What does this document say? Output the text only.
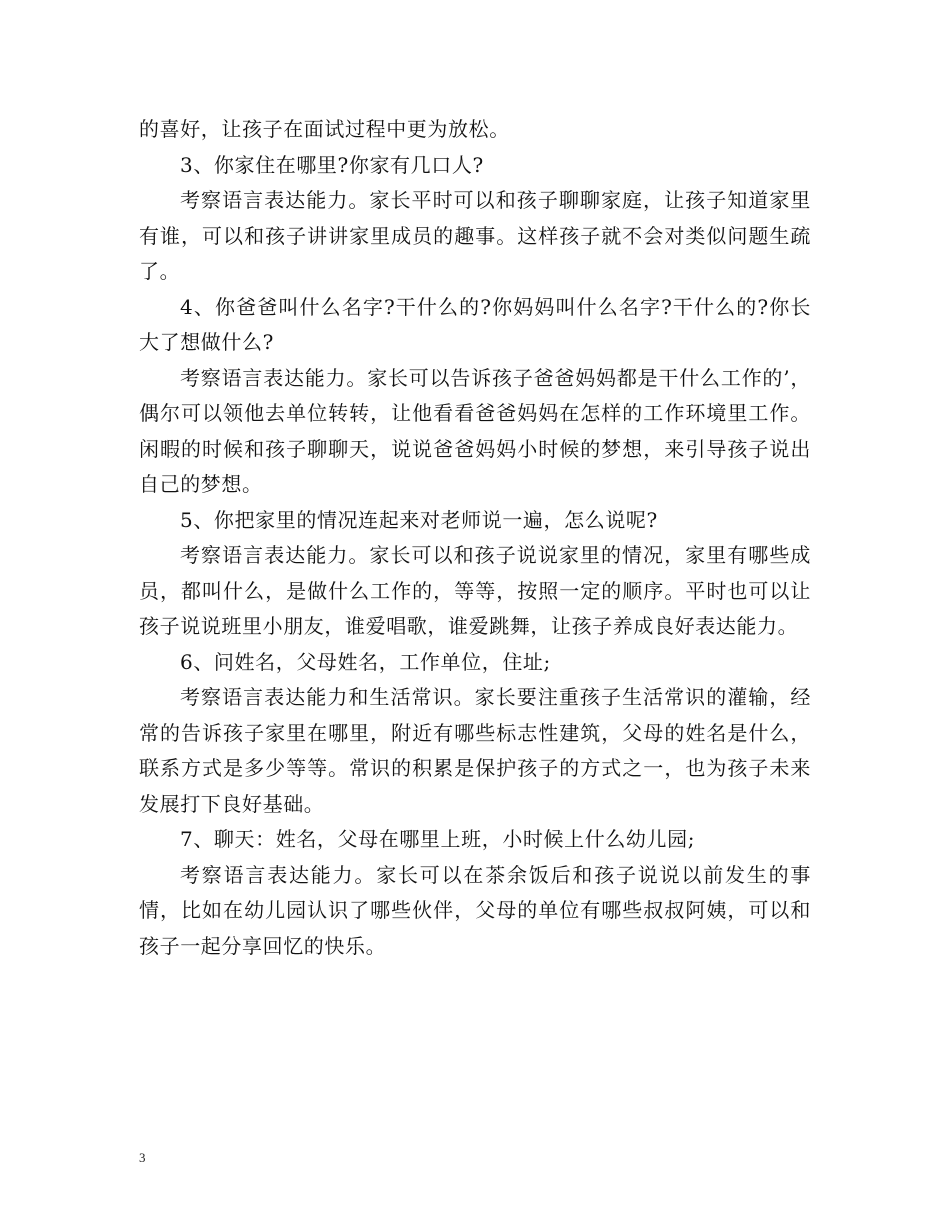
的喜好，让孩子在面试过程中更为放松。

3、你家住在哪里?你家有几口人?

考察语言表达能力。家长平时可以和孩子聊聊家庭，让孩子知道家里有谁，可以和孩子讲讲家里成员的趣事。这样孩子就不会对类似问题生疏了。

4、你爸爸叫什么名字?干什么的?你妈妈叫什么名字?干什么的?你长大了想做什么?

考察语言表达能力。家长可以告诉孩子爸爸妈妈都是干什么工作的’，偶尔可以领他去单位转转，让他看看爸爸妈妈在怎样的工作环境里工作。闲暇的时候和孩子聊聊天，说说爸爸妈妈小时候的梦想，来引导孩子说出自己的梦想。

5、你把家里的情况连起来对老师说一遍，怎么说呢?

考察语言表达能力。家长可以和孩子说说家里的情况，家里有哪些成员，都叫什么，是做什么工作的，等等，按照一定的顺序。平时也可以让孩子说说班里小朋友，谁爱唱歌，谁爱跳舞，让孩子养成良好表达能力。

6、问姓名，父母姓名，工作单位，住址;

考察语言表达能力和生活常识。家长要注重孩子生活常识的灌输，经常的告诉孩子家里在哪里，附近有哪些标志性建筑，父母的姓名是什么，联系方式是多少等等。常识的积累是保护孩子的方式之一，也为孩子未来发展打下良好基础。

7、聊天：姓名，父母在哪里上班，小时候上什么幼儿园;

考察语言表达能力。家长可以在茶余饭后和孩子说说以前发生的事情，比如在幼儿园认识了哪些伙伴，父母的单位有哪些叔叔阿姨，可以和孩子一起分享回忆的快乐。

3
